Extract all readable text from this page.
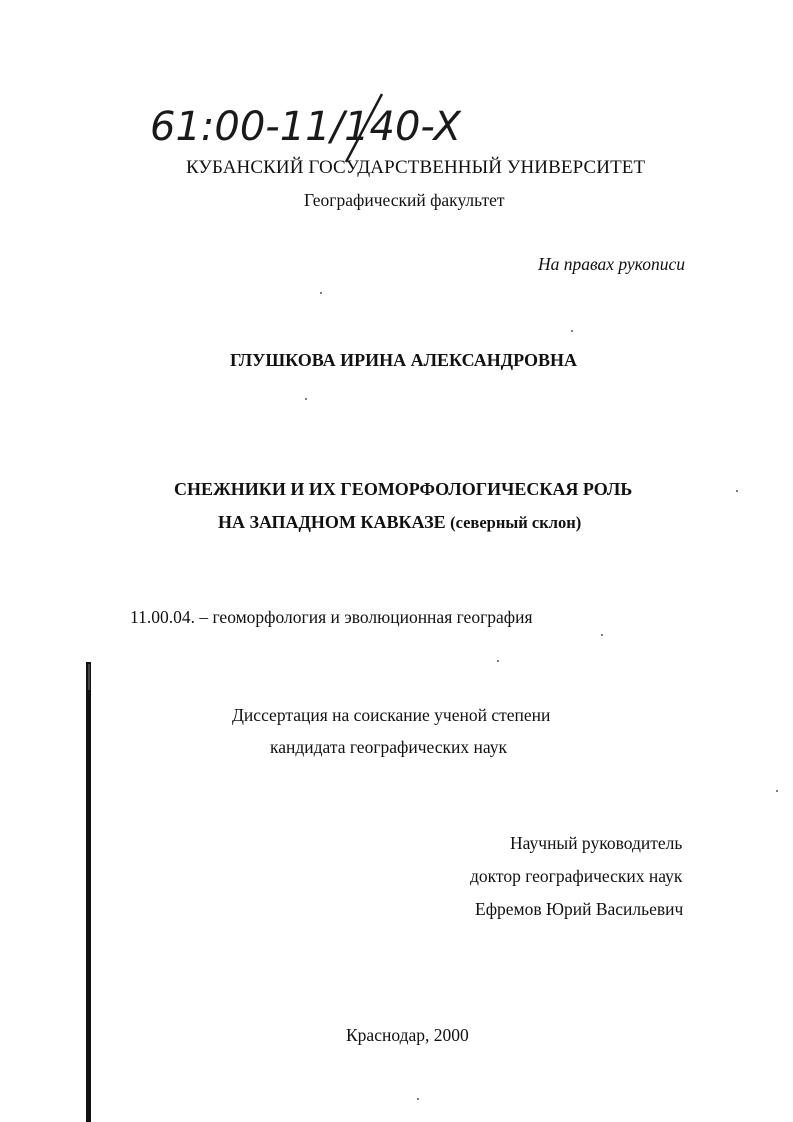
61:00-11/140-X
КУБАНСКИЙ ГОСУДАРСТВЕННЫЙ УНИВЕРСИТЕТ
Географический факультет
На правах рукописи
ГЛУШКОВА ИРИНА АЛЕКСАНДРОВНА
СНЕЖНИКИ И ИХ ГЕОМОРФОЛОГИЧЕСКАЯ РОЛЬ
НА ЗАПАДНОМ КАВКАЗЕ (северный склон)
11.00.04. – геоморфология и эволюционная география
Диссертация на соискание ученой степени
кандидата географических наук
Научный руководитель
доктор географических наук
Ефремов Юрий Васильевич
Краснодар, 2000
